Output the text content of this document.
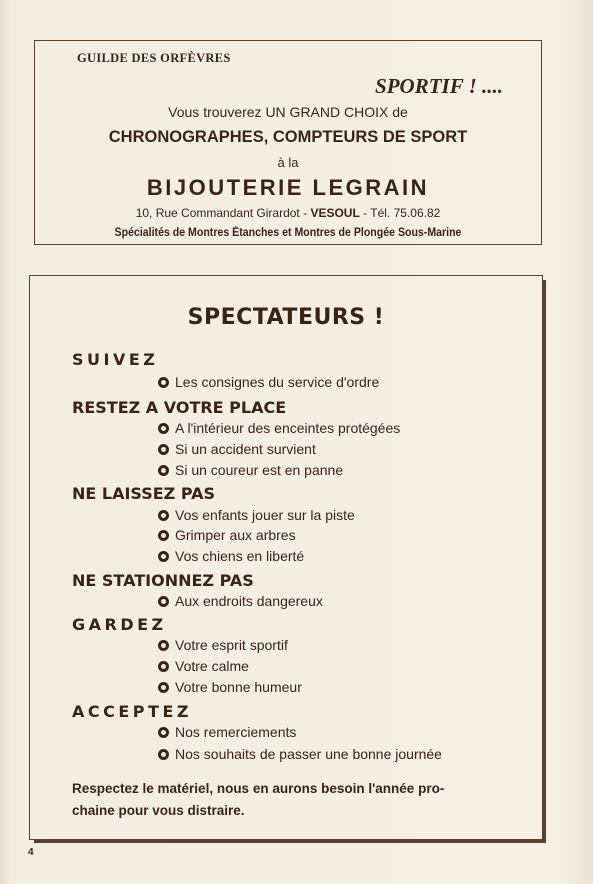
GUILDE DES ORFÈVRES
SPORTIF ! ....
Vous trouverez UN GRAND CHOIX de
CHRONOGRAPHES, COMPTEURS DE SPORT
à la
BIJOUTERIE LEGRAIN
10, Rue Commandant Girardot - VESOUL - Tél. 75.06.82
Spécialités de Montres Étanches et Montres de Plongée Sous-Marine
SPECTATEURS !
SUIVEZ
Les consignes du service d'ordre
RESTEZ A VOTRE PLACE
A l'intérieur des enceintes protégées
Si un accident survient
Si un coureur est en panne
NE LAISSEZ PAS
Vos enfants jouer sur la piste
Grimper aux arbres
Vos chiens en liberté
NE STATIONNEZ PAS
Aux endroits dangereux
GARDEZ
Votre esprit sportif
Votre calme
Votre bonne humeur
ACCEPTEZ
Nos remerciements
Nos souhaits de passer une bonne journée
Respectez le matériel, nous en aurons besoin l'année pro-
chaine pour vous distraire.
4
